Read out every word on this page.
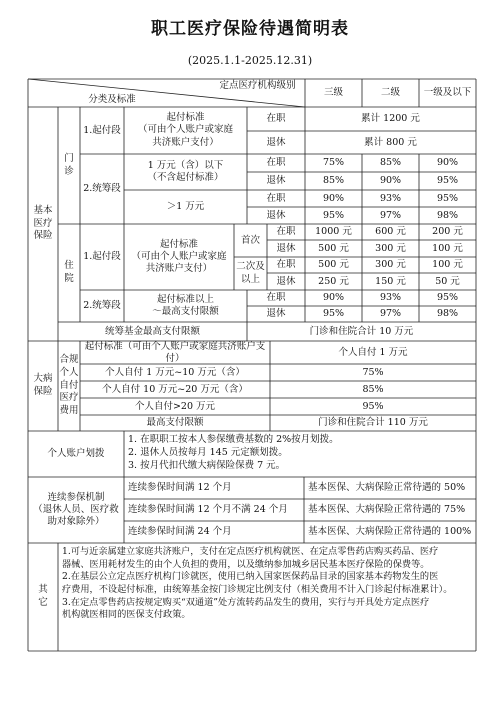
职工医疗保险待遇简明表
(2025.1.1-2025.12.31)
定点医疗机构级别
分类及标准
三级	二级	一级及以下
基本
医疗
保险
门
诊
1.起付段
起付标准
（可由个人账户或家庭
共济账户支付）
在职	累计 1200 元
退休	累计 800 元
2.统筹段
1 万元（含）以下
（不含起付标准）
在职	75%	85%	90%
退休	85%	90%	95%
＞1 万元
在职	90%	93%	95%
退休	95%	97%	98%
住
院
1.起付段
起付标准
（可由个人账户或家庭
共济账户支付）
首次
在职	1000 元	600 元	200 元
退休	500 元	300 元	100 元
二次及
以上
在职	500 元	300 元	100 元
退休	250 元	150 元	50 元
2.统筹段
起付标准以上
～最高支付限额
在职	90%	93%	95%
退休	95%	97%	98%
统筹基金最高支付限额	门诊和住院合计 10 万元
大病
保险
合规
个人
自付
医疗
费用
起付标准（可由个人账户或家庭共济账户支付）
个人自付 1 万元
个人自付 1 万元~10 万元（含）	75%
个人自付 10 万元~20 万元（含）	85%
个人自付>20 万元	95%
最高支付限额	门诊和住院合计 110 万元
个人账户划拨
1. 在职职工按本人参保缴费基数的 2%按月划拨。
2. 退休人员按每月 145 元定额划拨。
3. 按月代扣代缴大病保险保费 7 元。
连续参保机制
（退休人员、医疗救
助对象除外）
连续参保时间满 12 个月	基本医保、大病保险正常待遇的 50%
连续参保时间满 12 个月不满 24 个月	基本医保、大病保险正常待遇的 75%
连续参保时间满 24 个月	基本医保、大病保险正常待遇的 100%
其
它
1.可与近亲属建立家庭共济账户，支付在定点医疗机构就医、在定点零售药店购买药品、医疗
器械、医用耗材发生的由个人负担的费用，以及缴纳参加城乡居民基本医疗保险的保费等。
2.在基层公立定点医疗机构门诊就医，使用已纳入国家医保药品目录的国家基本药物发生的医
疗费用，不设起付标准，由统筹基金按门诊规定比例支付（相关费用不计入门诊起付标准累计）。
3.在定点零售药店按规定购买“双通道”处方流转药品发生的费用，实行与开具处方定点医疗
机构就医相同的医保支付政策。
